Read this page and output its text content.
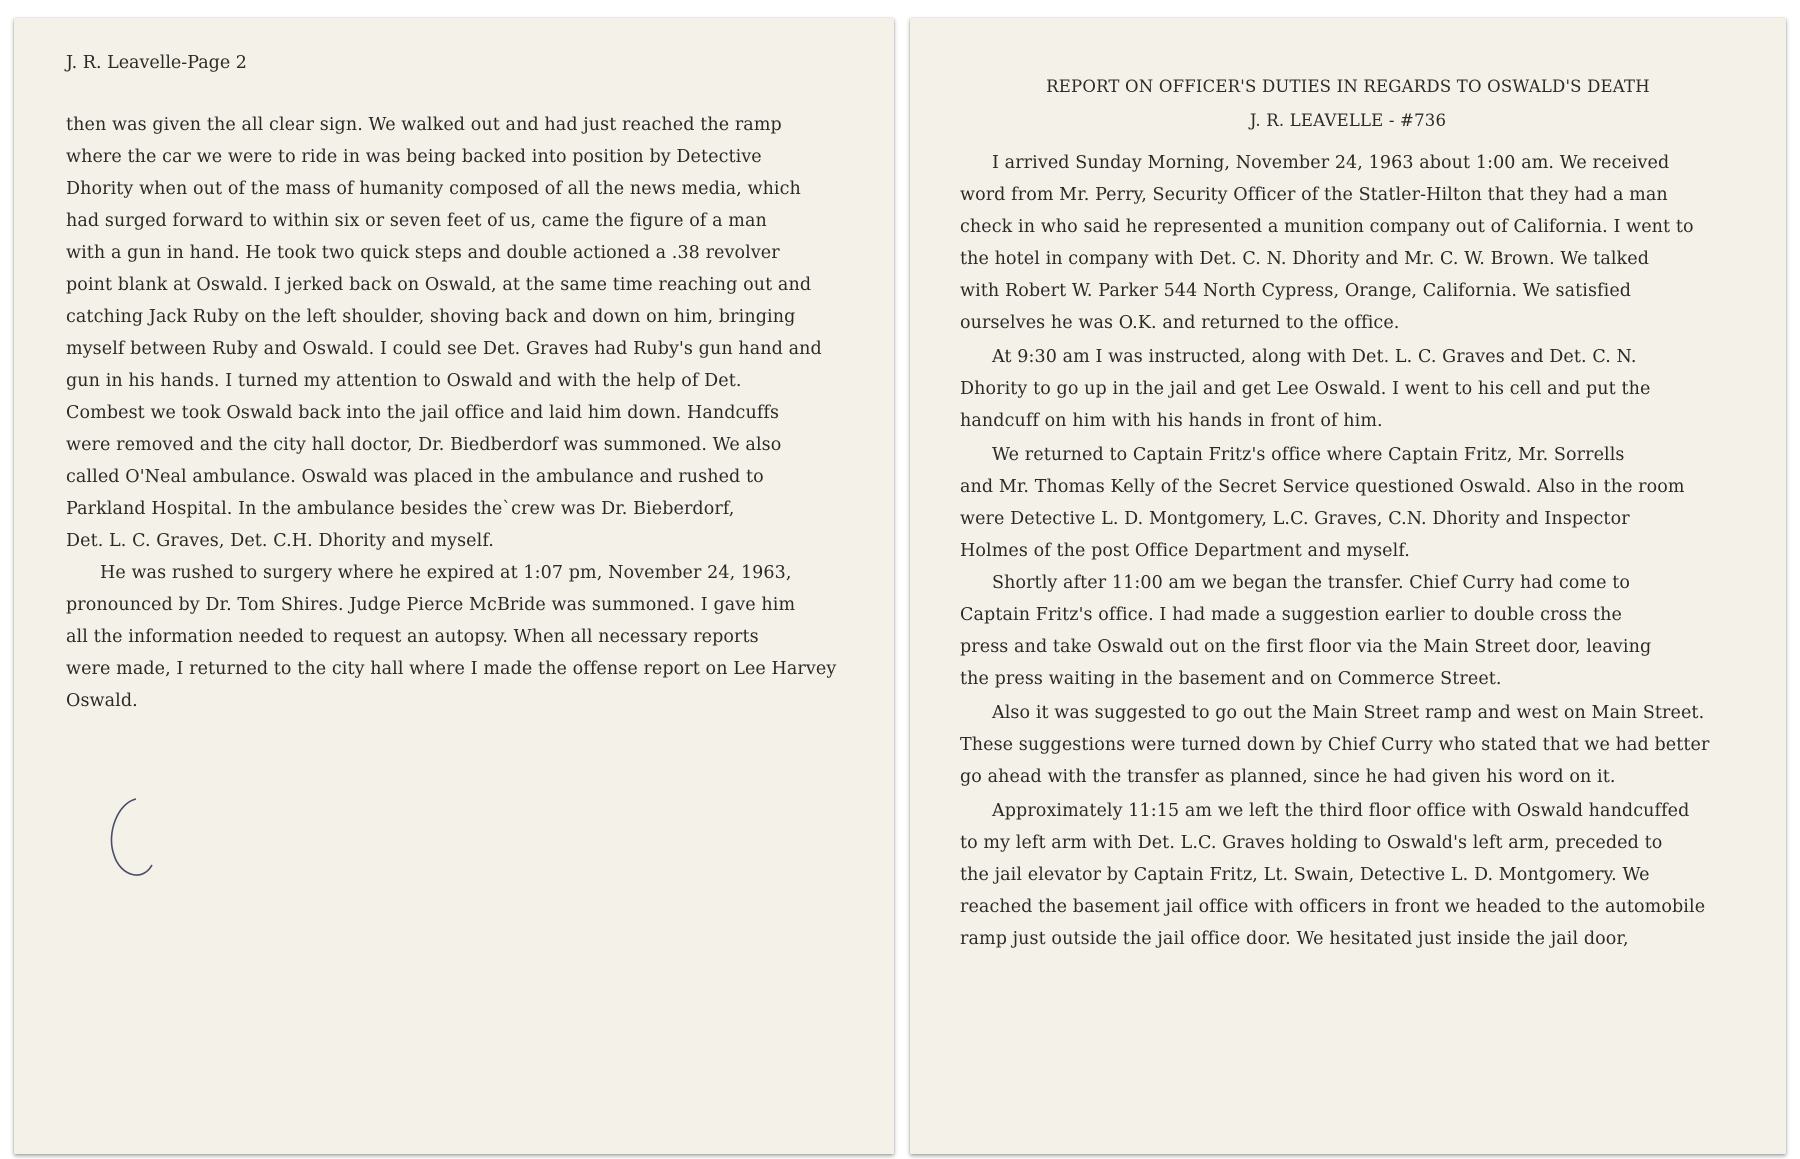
J. R. Leavelle-Page 2

then was given the all clear sign. We walked out and had just reached the ramp

where the car we were to ride in was being backed into position by Detective

Dhority when out of the mass of humanity composed of all the news media, which

had surged forward to within six or seven feet of us, came the figure of a man

with a gun in hand. He took two quick steps and double actioned a .38 revolver

point blank at Oswald. I jerked back on Oswald, at the same time reaching out and

catching Jack Ruby on the left shoulder, shoving back and down on him, bringing

myself between Ruby and Oswald. I could see Det. Graves had Ruby's gun hand and

gun in his hands. I turned my attention to Oswald and with the help of Det.

Combest we took Oswald back into the jail office and laid him down. Handcuffs

were removed and the city hall doctor, Dr. Biedberdorf was summoned. We also

called O'Neal ambulance. Oswald was placed in the ambulance and rushed to

Parkland Hospital. In the ambulance besides the`crew was Dr. Bieberdorf,

Det. L. C. Graves, Det. C.H. Dhority and myself.

He was rushed to surgery where he expired at 1:07 pm, November 24, 1963,

pronounced by Dr. Tom Shires. Judge Pierce McBride was summoned. I gave him

all the information needed to request an autopsy. When all necessary reports

were made, I returned to the city hall where I made the offense report on Lee Harvey

Oswald.

James R Leavelle
Detective
Dallas Police Dept.

REPORT ON OFFICER'S DUTIES IN REGARDS TO OSWALD'S DEATH

J. R. LEAVELLE - #736

I arrived Sunday Morning, November 24, 1963 about 1:00 am. We received

word from Mr. Perry, Security Officer of the Statler-Hilton that they had a man

check in who said he represented a munition company out of California. I went to

the hotel in company with Det. C. N. Dhority and Mr. C. W. Brown. We talked

with Robert W. Parker 544 North Cypress, Orange, California. We satisfied

ourselves he was O.K. and returned to the office.

At 9:30 am I was instructed, along with Det. L. C. Graves and Det. C. N.

Dhority to go up in the jail and get Lee Oswald. I went to his cell and put the

handcuff on him with his hands in front of him.

We returned to Captain Fritz's office where Captain Fritz, Mr. Sorrells

and Mr. Thomas Kelly of the Secret Service questioned Oswald. Also in the room

were Detective L. D. Montgomery, L.C. Graves, C.N. Dhority and Inspector

Holmes of the post Office Department and myself.

Shortly after 11:00 am we began the transfer. Chief Curry had come to

Captain Fritz's office. I had made a suggestion earlier to double cross the

press and take Oswald out on the first floor via the Main Street door, leaving

the press waiting in the basement and on Commerce Street.

Also it was suggested to go out the Main Street ramp and west on Main Street.

These suggestions were turned down by Chief Curry who stated that we had better

go ahead with the transfer as planned, since he had given his word on it.

Approximately 11:15 am we left the third floor office with Oswald handcuffed

to my left arm with Det. L.C. Graves holding to Oswald's left arm, preceded to

the jail elevator by Captain Fritz, Lt. Swain, Detective L. D. Montgomery. We

reached the basement jail office with officers in front we headed to the automobile

ramp just outside the jail office door. We hesitated just inside the jail door,
